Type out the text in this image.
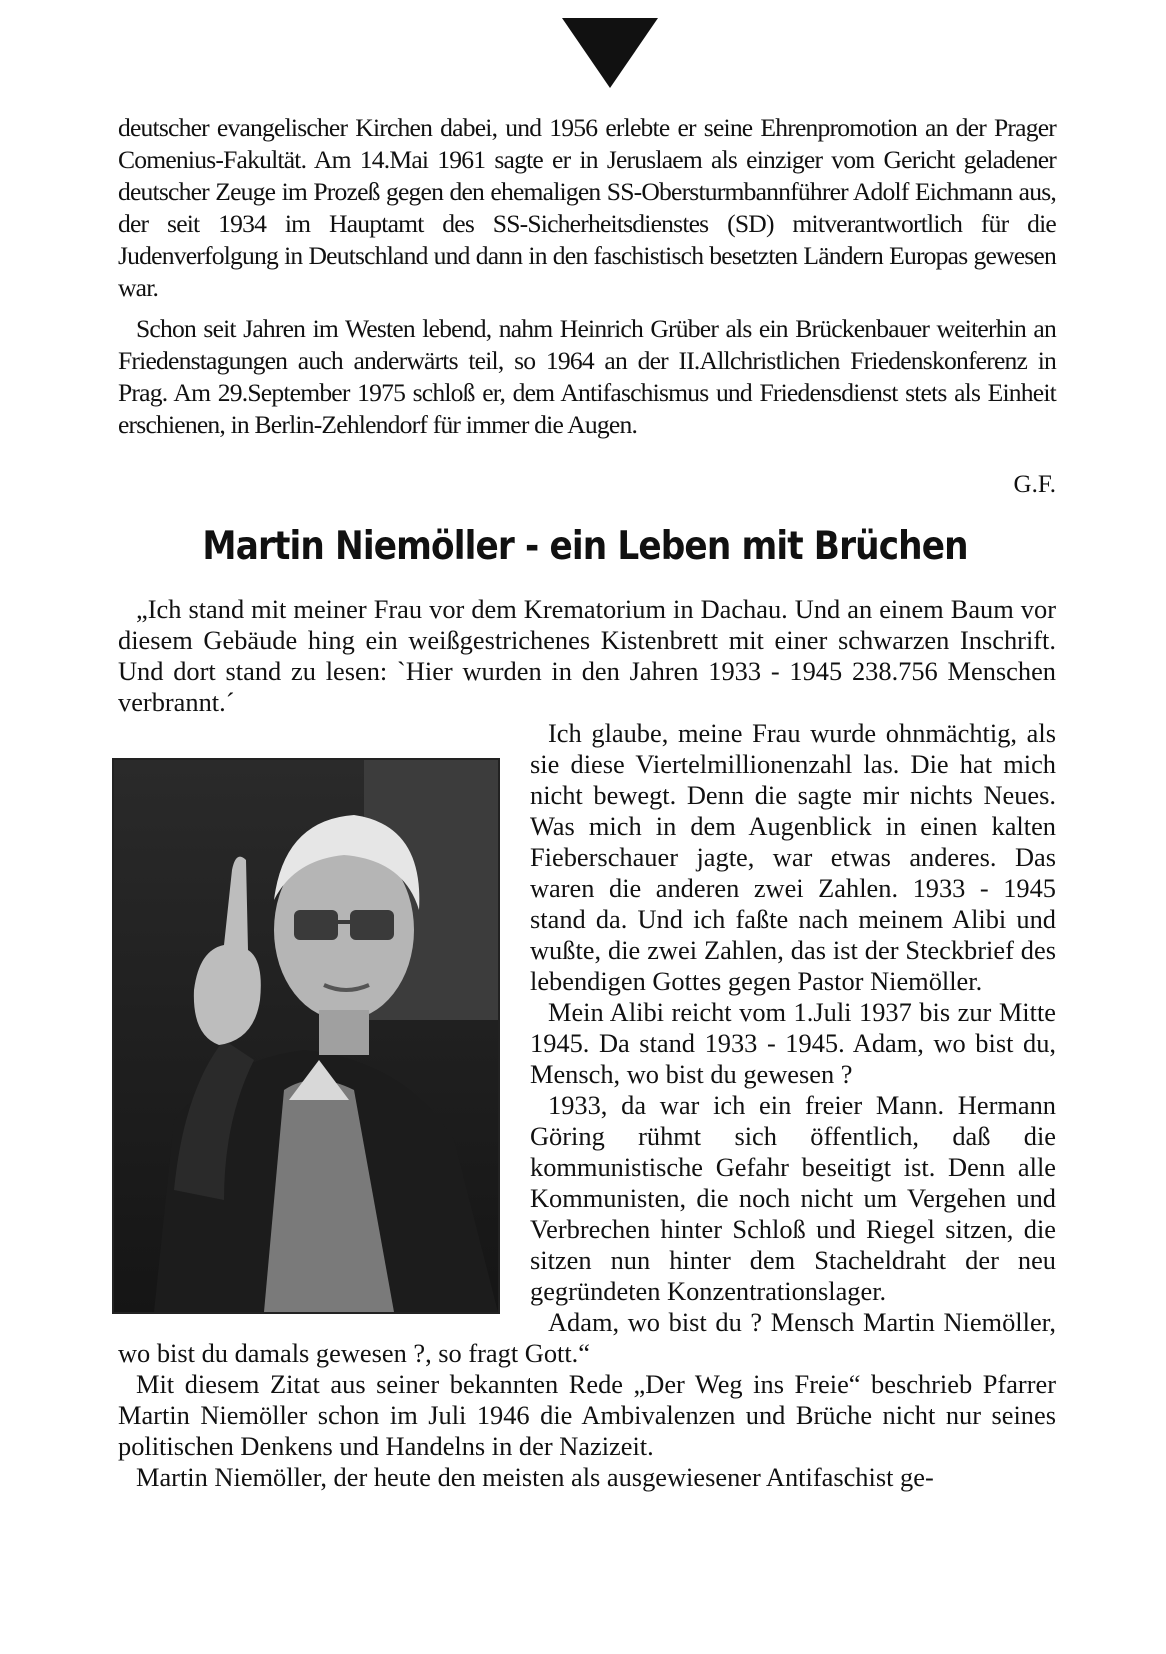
deutscher evangelischer Kirchen dabei, und 1956 erlebte er seine Ehrenpromotion an der Prager Comenius-Fakultät. Am 14.Mai 1961 sagte er in Jeruslaem als einziger vom Gericht geladener deutscher Zeuge im Prozeß gegen den ehemaligen SS-Obersturmbannführer Adolf Eichmann aus, der seit 1934 im Hauptamt des SS-Sicherheitsdienstes (SD) mitverantwortlich für die Judenverfolgung in Deutschland und dann in den faschistisch besetzten Ländern Europas gewesen war.

Schon seit Jahren im Westen lebend, nahm Heinrich Grüber als ein Brückenbauer weiterhin an Friedenstagungen auch anderwärts teil, so 1964 an der II.Allchristlichen Friedenskonferenz in Prag. Am 29.September 1975 schloß er, dem Antifaschismus und Friedensdienst stets als Einheit erschienen, in Berlin-Zehlendorf für immer die Augen.

G.F.
Martin Niemöller - ein Leben mit Brüchen

„Ich stand mit meiner Frau vor dem Krematorium in Dachau. Und an einem Baum vor diesem Gebäude hing ein weißgestrichenes Kistenbrett mit einer schwarzen Inschrift. Und dort stand zu lesen: `Hier wurden in den Jahren 1933 - 1945 238.756 Menschen verbrannt.´

Ich glaube, meine Frau wurde ohnmächtig, als sie diese Viertelmillionenzahl las. Die hat mich nicht bewegt. Denn die sagte mir nichts Neues. Was mich in dem Augenblick in einen kalten Fieberschauer jagte, war etwas anderes. Das waren die anderen zwei Zahlen. 1933 - 1945 stand da. Und ich faßte nach meinem Alibi und wußte, die zwei Zahlen, das ist der Steckbrief des lebendigen Gottes gegen Pastor Niemöller.

Mein Alibi reicht vom 1.Juli 1937 bis zur Mitte 1945. Da stand 1933 - 1945. Adam, wo bist du, Mensch, wo bist du gewesen ?

1933, da war ich ein freier Mann. Hermann Göring rühmt sich öffentlich, daß die kommunistische Gefahr beseitigt ist. Denn alle Kommunisten, die noch nicht um Vergehen und Verbrechen hinter Schloß und Riegel sitzen, die sitzen nun hinter dem Stacheldraht der neu gegründeten Konzentrationslager.

Adam, wo bist du ? Mensch Martin Niemöller, wo bist du damals gewesen ?, so fragt Gott.“

Mit diesem Zitat aus seiner bekannten Rede „Der Weg ins Freie“ beschrieb Pfarrer Martin Niemöller schon im Juli 1946 die Ambivalenzen und Brüche nicht nur seines politischen Denkens und Handelns in der Nazizeit.

Martin Niemöller, der heute den meisten als ausgewiesener Antifaschist ge-
